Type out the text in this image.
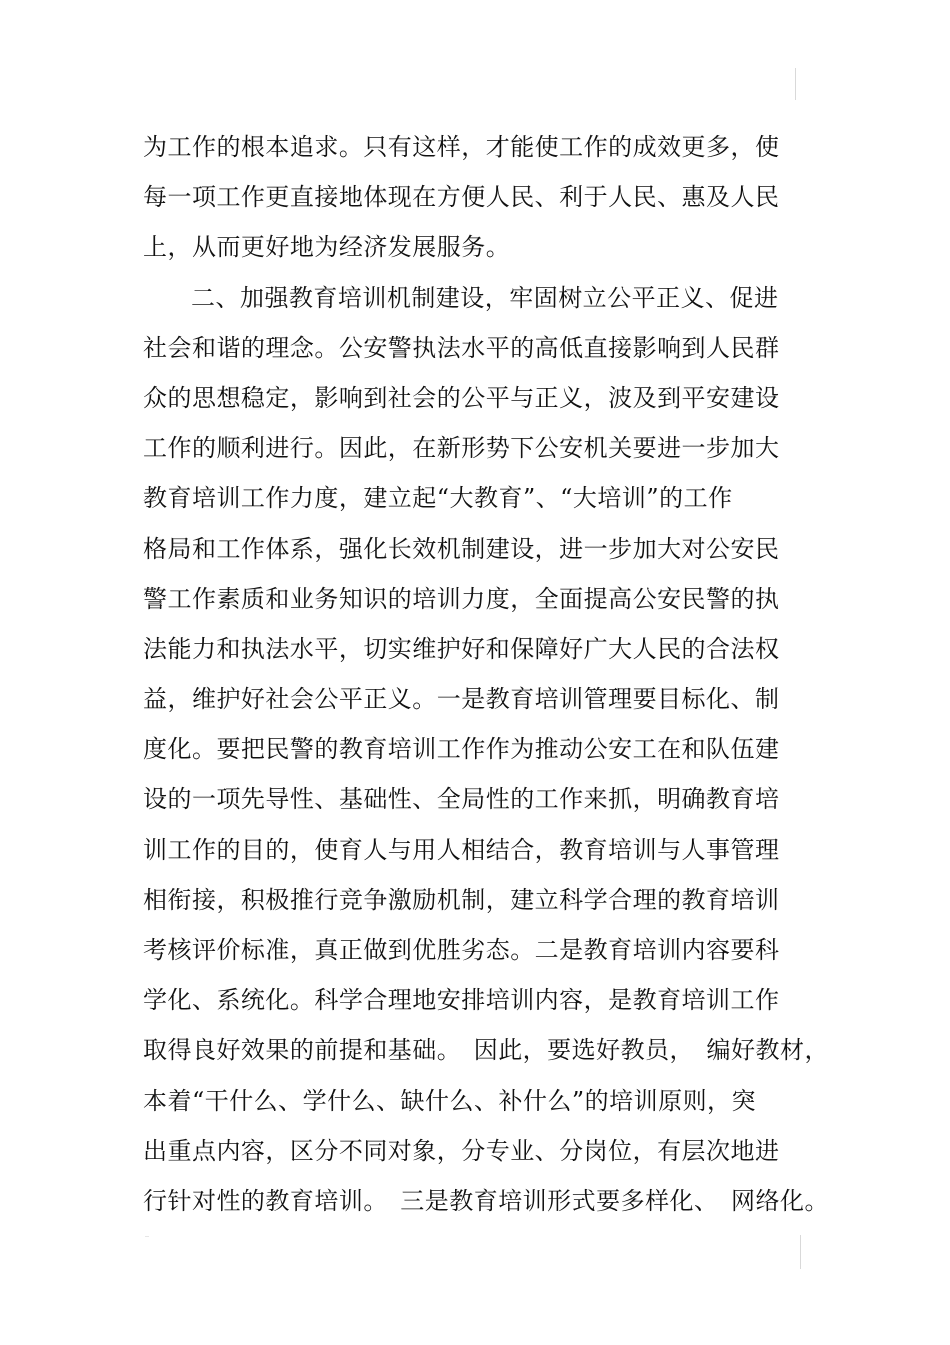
为工作的根本追求。只有这样，才能使工作的成效更多，使
每一项工作更直接地体现在方便人民、利于人民、惠及人民
上，从而更好地为经济发展服务。
二、加强教育培训机制建设，牢固树立公平正义、促进
社会和谐的理念。公安警执法水平的高低直接影响到人民群
众的思想稳定，影响到社会的公平与正义，波及到平安建设
工作的顺利进行。因此，在新形势下公安机关要进一步加大
教育培训工作力度，建立起“大教育”、“大培训”的工作
格局和工作体系，强化长效机制建设，进一步加大对公安民
警工作素质和业务知识的培训力度，全面提高公安民警的执
法能力和执法水平，切实维护好和保障好广大人民的合法权
益，维护好社会公平正义。一是教育培训管理要目标化、制
度化。要把民警的教育培训工作作为推动公安工在和队伍建
设的一项先导性、基础性、全局性的工作来抓，明确教育培
训工作的目的，使育人与用人相结合，教育培训与人事管理
相衔接，积极推行竞争激励机制，建立科学合理的教育培训
考核评价标准，真正做到优胜劣态。二是教育培训内容要科
学化、系统化。科学合理地安排培训内容，是教育培训工作
取得良好效果的前提和基础。　因此，要选好教员，　编好教材，
本着“干什么、学什么、缺什么、补什么”的培训原则，突
出重点内容，区分不同对象，分专业、分岗位，有层次地进
行针对性的教育培训。　三是教育培训形式要多样化、　网络化。
